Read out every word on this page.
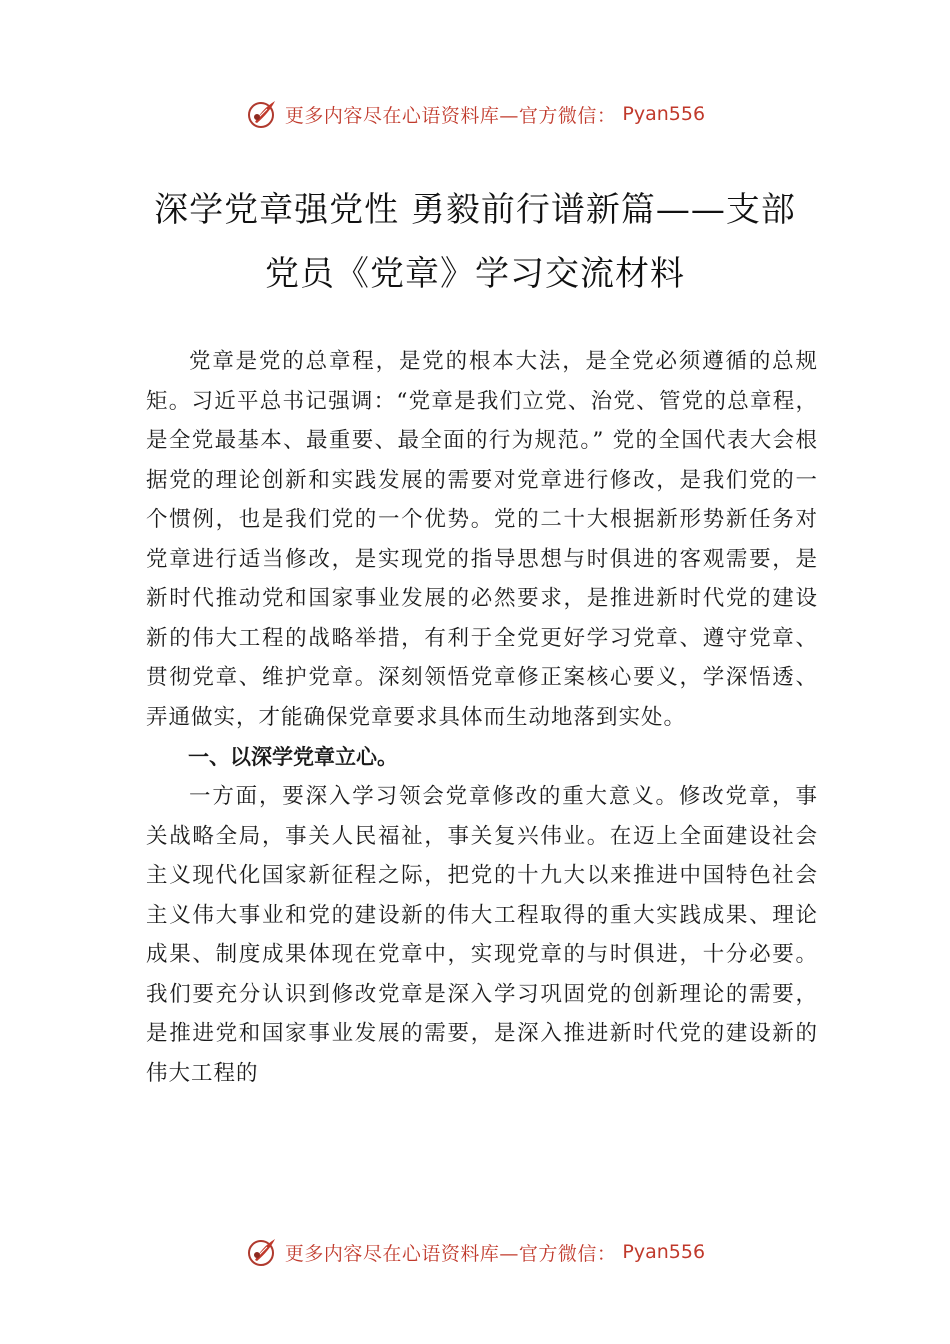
更多内容尽在心语资料库—官方微信： Pyan556
深学党章强党性 勇毅前行谱新篇——支部
党员《党章》学习交流材料

党章是党的总章程，是党的根本大法，是全党必须遵循的总规矩。习近平总书记强调：“党章是我们立党、治党、管党的总章程，是全党最基本、最重要、最全面的行为规范。” 党的全国代表大会根据党的理论创新和实践发展的需要对党章进行修改，是我们党的一个惯例，也是我们党的一个优势。党的二十大根据新形势新任务对党章进行适当修改，是实现党的指导思想与时俱进的客观需要，是新时代推动党和国家事业发展的必然要求，是推进新时代党的建设新的伟大工程的战略举措，有利于全党更好学习党章、遵守党章、贯彻党章、维护党章。深刻领悟党章修正案核心要义，学深悟透、弄通做实，才能确保党章要求具体而生动地落到实处。

一、以深学党章立心。

一方面，要深入学习领会党章修改的重大意义。修改党章，事关战略全局，事关人民福祉，事关复兴伟业。在迈上全面建设社会主义现代化国家新征程之际，把党的十九大以来推进中国特色社会主义伟大事业和党的建设新的伟大工程取得的重大实践成果、理论成果、制度成果体现在党章中，实现党章的与时俱进，十分必要。我们要充分认识到修改党章是深入学习巩固党的创新理论的需要，是推进党和国家事业发展的需要，是深入推进新时代党的建设新的伟大工程的

更多内容尽在心语资料库—官方微信： Pyan556
